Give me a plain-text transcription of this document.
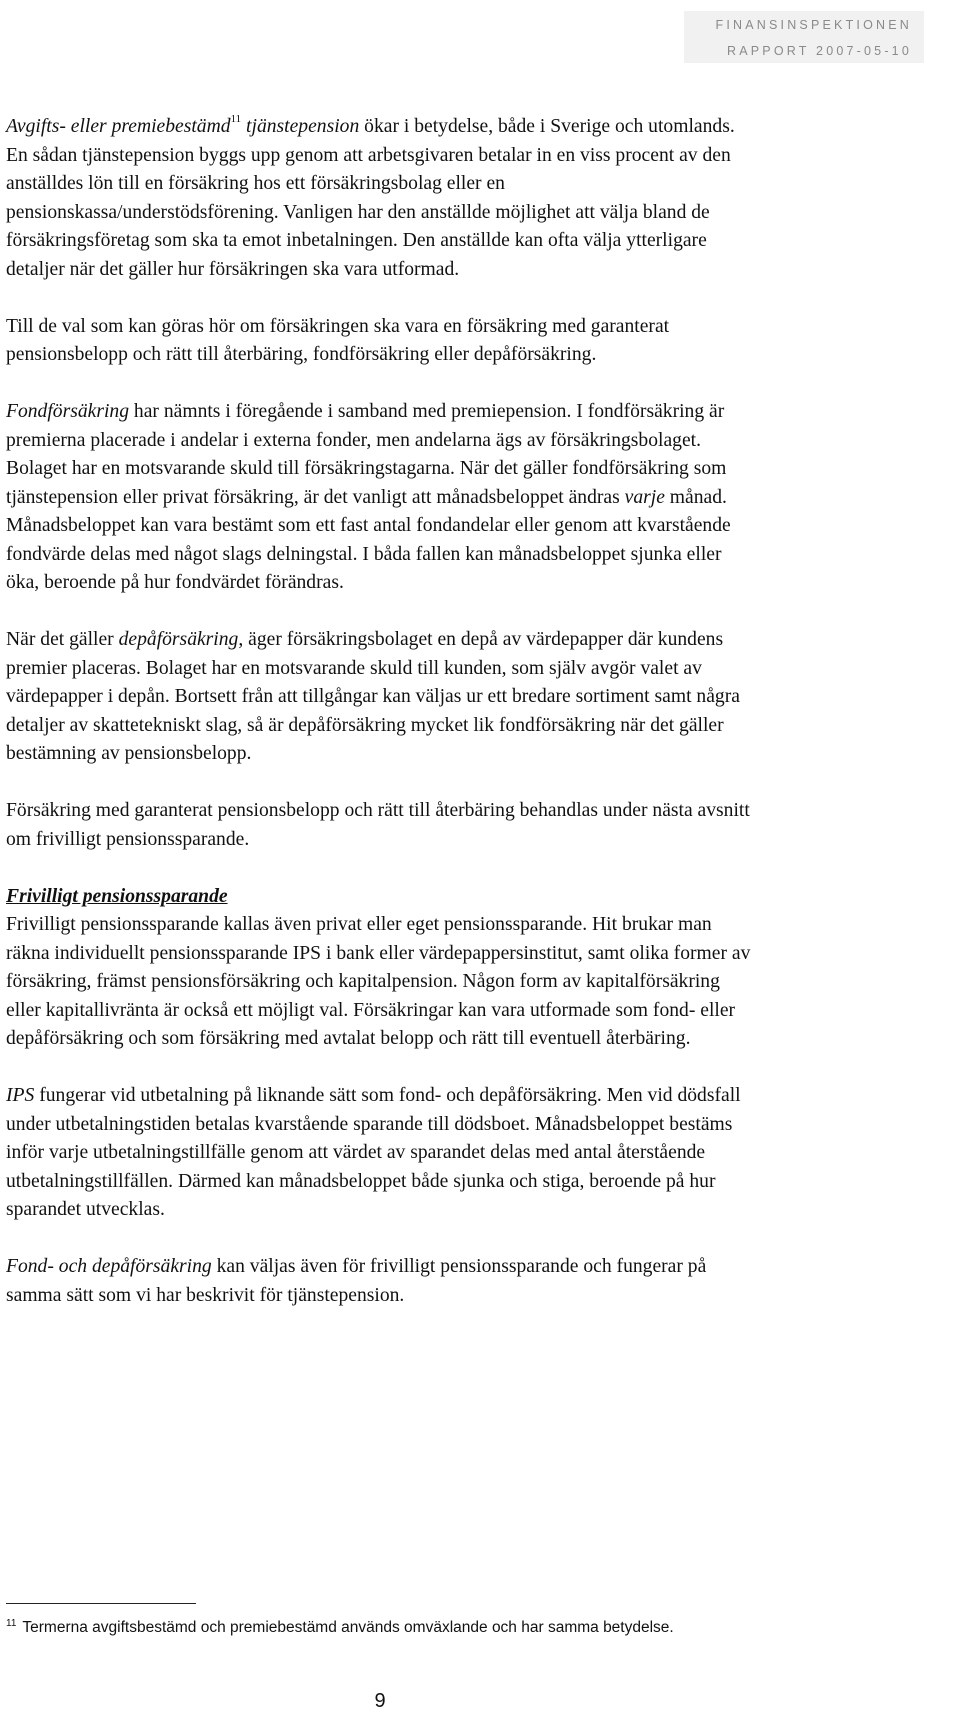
FINANSINSPEKTIONEN
RAPPORT 2007-05-10

Avgifts- eller premiebestämd$^{11}$ tjänstepension ökar i betydelse, både i Sverige och utomlands. En sådan tjänstepension byggs upp genom att arbetsgivaren betalar in en viss procent av den anställdes lön till en försäkring hos ett försäkringsbolag eller en pensionskassa/understödsförening. Vanligen har den anställde möjlighet att välja bland de försäkringsföretag som ska ta emot inbetalningen. Den anställde kan ofta välja ytterligare detaljer när det gäller hur försäkringen ska vara utformad.

Till de val som kan göras hör om försäkringen ska vara en försäkring med garanterat pensionsbelopp och rätt till återbäring, fondförsäkring eller depåförsäkring.

Fondförsäkring har nämnts i föregående i samband med premiepension. I fondförsäkring är premierna placerade i andelar i externa fonder, men andelarna ägs av försäkringsbolaget. Bolaget har en motsvarande skuld till försäkringstagarna. När det gäller fondförsäkring som tjänstepension eller privat försäkring, är det vanligt att månadsbeloppet ändras varje månad. Månadsbeloppet kan vara bestämt som ett fast antal fondandelar eller genom att kvarstående fondvärde delas med något slags delningstal. I båda fallen kan månadsbeloppet sjunka eller öka, beroende på hur fondvärdet förändras.

När det gäller depåförsäkring, äger försäkringsbolaget en depå av värdepapper där kundens premier placeras. Bolaget har en motsvarande skuld till kunden, som själv avgör valet av värdepapper i depån. Bortsett från att tillgångar kan väljas ur ett bredare sortiment samt några detaljer av skattetekniskt slag, så är depåförsäkring mycket lik fondförsäkring när det gäller bestämning av pensionsbelopp.

Försäkring med garanterat pensionsbelopp och rätt till återbäring behandlas under nästa avsnitt om frivilligt pensionssparande.

Frivilligt pensionssparande

Frivilligt pensionssparande kallas även privat eller eget pensionssparande. Hit brukar man räkna individuellt pensionssparande IPS i bank eller värdepappersinstitut, samt olika former av försäkring, främst pensionsförsäkring och kapitalpension. Någon form av kapitalförsäkring eller kapitallivränta är också ett möjligt val. Försäkringar kan vara utformade som fond- eller depåförsäkring och som försäkring med avtalat belopp och rätt till eventuell återbäring.

IPS fungerar vid utbetalning på liknande sätt som fond- och depåförsäkring. Men vid dödsfall under utbetalningstiden betalas kvarstående sparande till dödsboet. Månadsbeloppet bestäms inför varje utbetalningstillfälle genom att värdet av sparandet delas med antal återstående utbetalningstillfällen. Därmed kan månadsbeloppet både sjunka och stiga, beroende på hur sparandet utvecklas.

Fond- och depåförsäkring kan väljas även för frivilligt pensionssparande och fungerar på samma sätt som vi har beskrivit för tjänstepension.

$^{11}$ Termerna avgiftsbestämd och premiebestämd används omväxlande och har samma betydelse.
9
